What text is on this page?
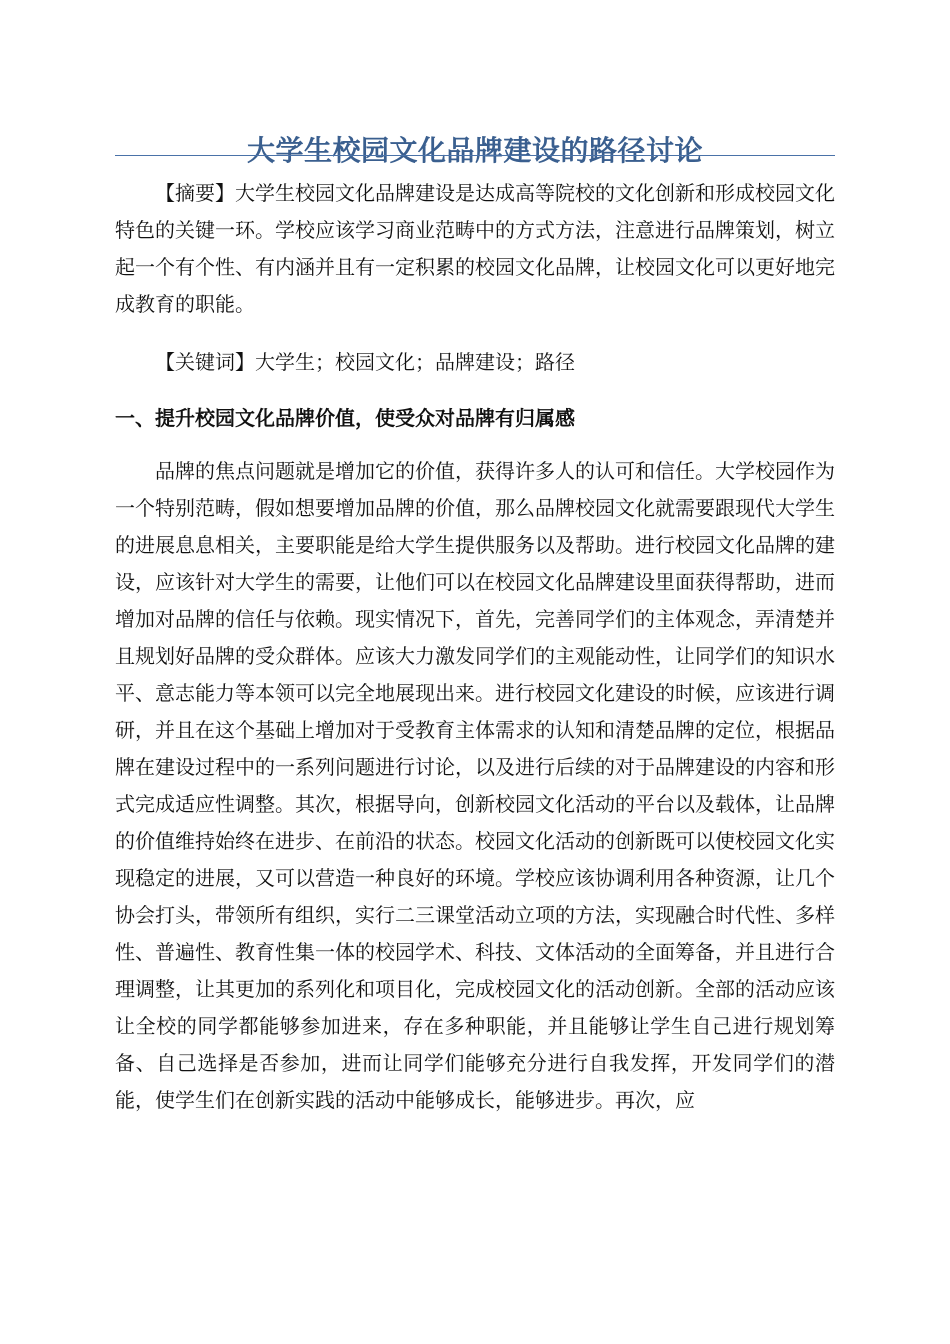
大学生校园文化品牌建设的路径讨论

【摘要】大学生校园文化品牌建设是达成高等院校的文化创新和形成校园文化特色的关键一环。学校应该学习商业范畴中的方式方法，注意进行品牌策划，树立起一个有个性、有内涵并且有一定积累的校园文化品牌，让校园文化可以更好地完成教育的职能。

【关键词】大学生；校园文化；品牌建设；路径

一、提升校园文化品牌价值，使受众对品牌有归属感

品牌的焦点问题就是增加它的价值，获得许多人的认可和信任。大学校园作为一个特别范畴，假如想要增加品牌的价值，那么品牌校园文化就需要跟现代大学生的进展息息相关，主要职能是给大学生提供服务以及帮助。进行校园文化品牌的建设，应该针对大学生的需要，让他们可以在校园文化品牌建设里面获得帮助，进而增加对品牌的信任与依赖。现实情况下，首先，完善同学们的主体观念，弄清楚并且规划好品牌的受众群体。应该大力激发同学们的主观能动性，让同学们的知识水平、意志能力等本领可以完全地展现出来。进行校园文化建设的时候，应该进行调研，并且在这个基础上增加对于受教育主体需求的认知和清楚品牌的定位，根据品牌在建设过程中的一系列问题进行讨论，以及进行后续的对于品牌建设的内容和形式完成适应性调整。其次，根据导向，创新校园文化活动的平台以及载体，让品牌的价值维持始终在进步、在前沿的状态。校园文化活动的创新既可以使校园文化实现稳定的进展，又可以营造一种良好的环境。学校应该协调利用各种资源，让几个协会打头，带领所有组织，实行二三课堂活动立项的方法，实现融合时代性、多样性、普遍性、教育性集一体的校园学术、科技、文体活动的全面筹备，并且进行合理调整，让其更加的系列化和项目化，完成校园文化的活动创新。全部的活动应该让全校的同学都能够参加进来，存在多种职能，并且能够让学生自己进行规划筹备、自己选择是否参加，进而让同学们能够充分进行自我发挥，开发同学们的潜能，使学生们在创新实践的活动中能够成长，能够进步。再次，应
